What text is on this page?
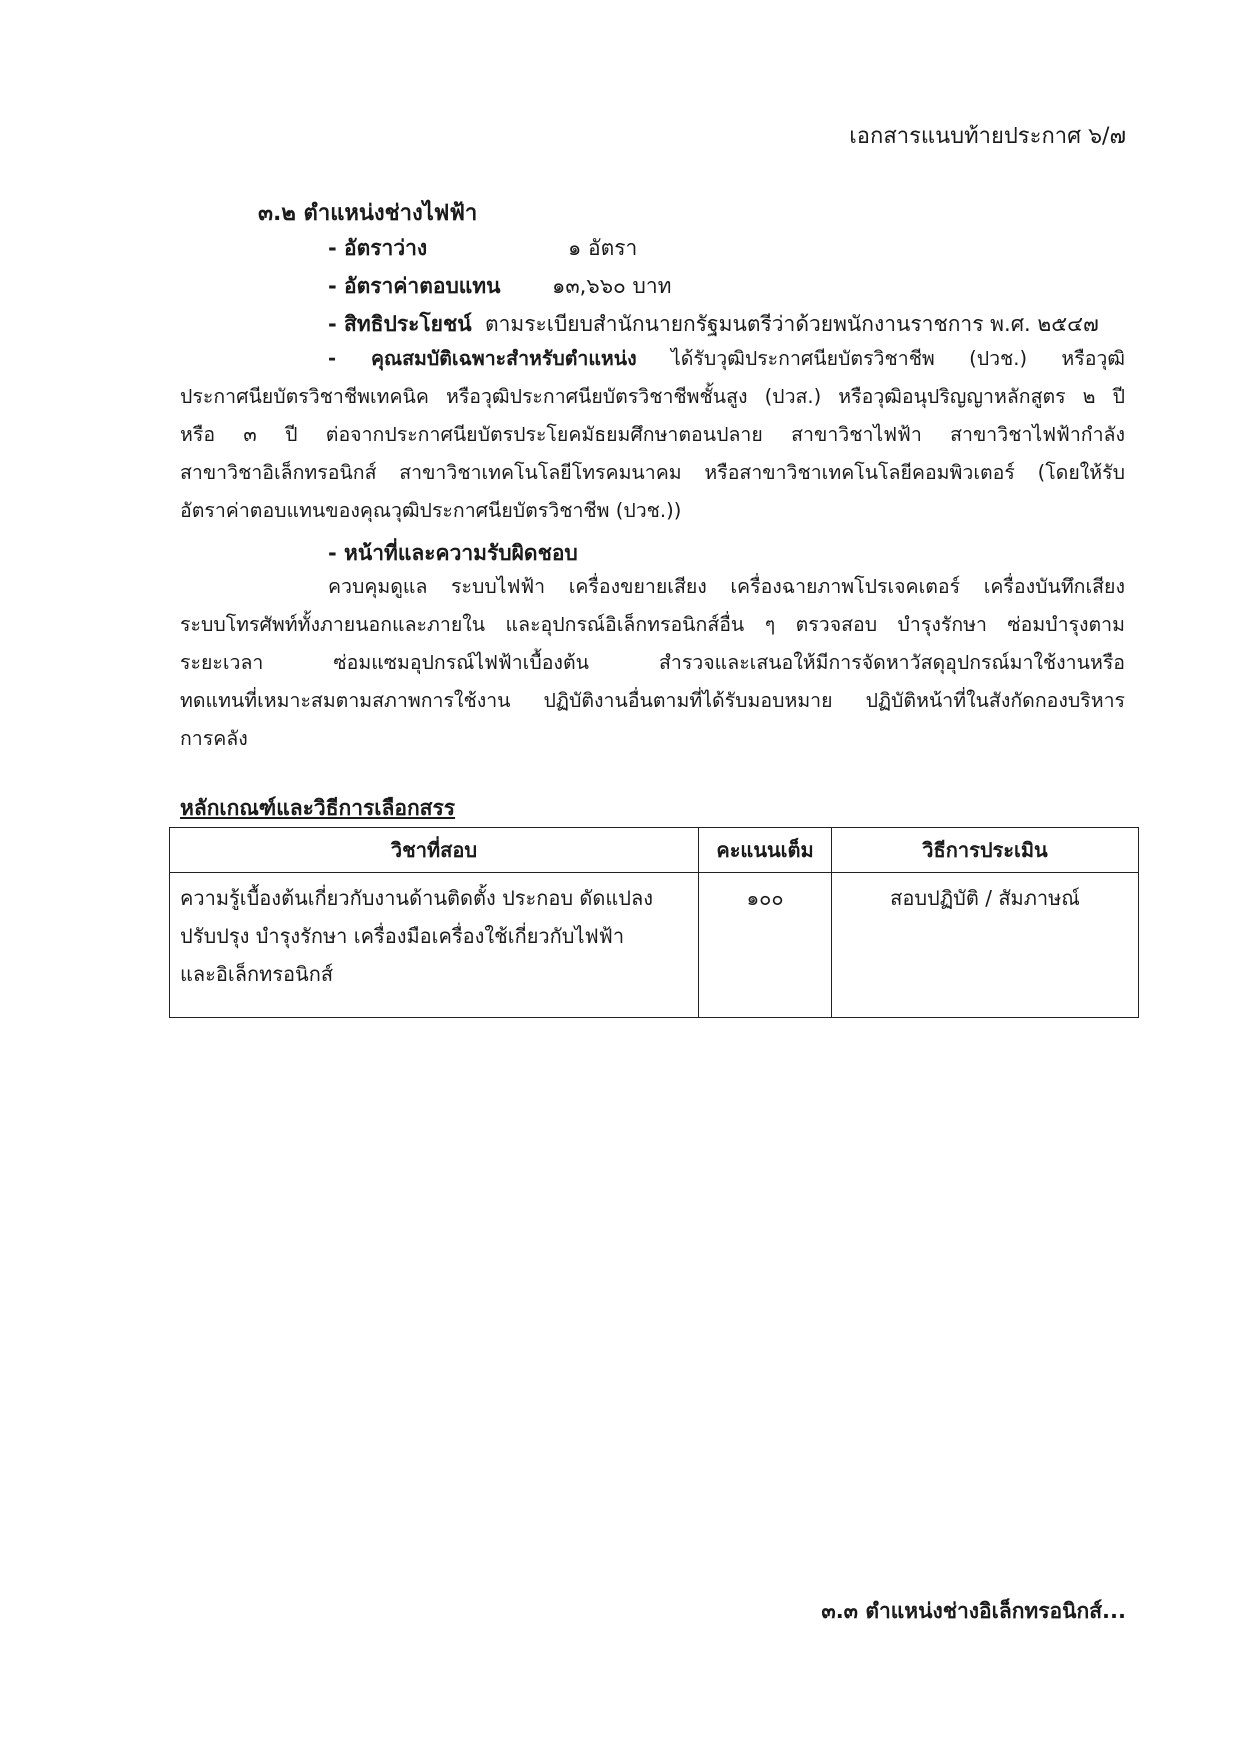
เอกสารแนบท้ายประกาศ ๖/๗
๓.๒ ตำแหน่งช่างไฟฟ้า
- อัตราว่าง	๑ อัตรา
- อัตราค่าตอบแทน ๑๓,๖๖๐ บาท
- สิทธิประโยชน์ ตามระเบียบสำนักนายกรัฐมนตรีว่าด้วยพนักงานราชการ พ.ศ. ๒๕๔๗
- คุณสมบัติเฉพาะสำหรับตำแหน่ง ได้รับวุฒิประกาศนียบัตรวิชาชีพ (ปวช.) หรือวุฒิ
ประกาศนียบัตรวิชาชีพเทคนิค หรือวุฒิประกาศนียบัตรวิชาชีพชั้นสูง (ปวส.) หรือวุฒิอนุปริญญาหลักสูตร ๒ ปี
หรือ ๓ ปี ต่อจากประกาศนียบัตรประโยคมัธยมศึกษาตอนปลาย สาขาวิชาไฟฟ้า สาขาวิชาไฟฟ้ากำลัง
สาขาวิชาอิเล็กทรอนิกส์ สาขาวิชาเทคโนโลยีโทรคมนาคม หรือสาขาวิชาเทคโนโลยีคอมพิวเตอร์ (โดยให้รับ
อัตราค่าตอบแทนของคุณวุฒิประกาศนียบัตรวิชาชีพ (ปวช.))
- หน้าที่และความรับผิดชอบ
ควบคุมดูแล ระบบไฟฟ้า เครื่องขยายเสียง เครื่องฉายภาพโปรเจคเตอร์ เครื่องบันทึกเสียง
ระบบโทรศัพท์ทั้งภายนอกและภายใน และอุปกรณ์อิเล็กทรอนิกส์อื่น ๆ ตรวจสอบ บำรุงรักษา ซ่อมบำรุงตาม
ระยะเวลา ซ่อมแซมอุปกรณ์ไฟฟ้าเบื้องต้น สำรวจและเสนอให้มีการจัดหาวัสดุอุปกรณ์มาใช้งานหรือ
ทดแทนที่เหมาะสมตามสภาพการใช้งาน ปฏิบัติงานอื่นตามที่ได้รับมอบหมาย ปฏิบัติหน้าที่ในสังกัดกองบริหาร
การคลัง
หลักเกณฑ์และวิธีการเลือกสรร
วิชาที่สอบ	คะแนนเต็ม	วิธีการประเมิน

ความรู้เบื้องต้นเกี่ยวกับงานด้านติดตั้ง ประกอบ ดัดแปลง
ปรับปรุง บำรุงรักษา เครื่องมือเครื่องใช้เกี่ยวกับไฟฟ้า
และอิเล็กทรอนิกส์	๑๐๐	สอบปฏิบัติ / สัมภาษณ์
๓.๓ ตำแหน่งช่างอิเล็กทรอนิกส์...
